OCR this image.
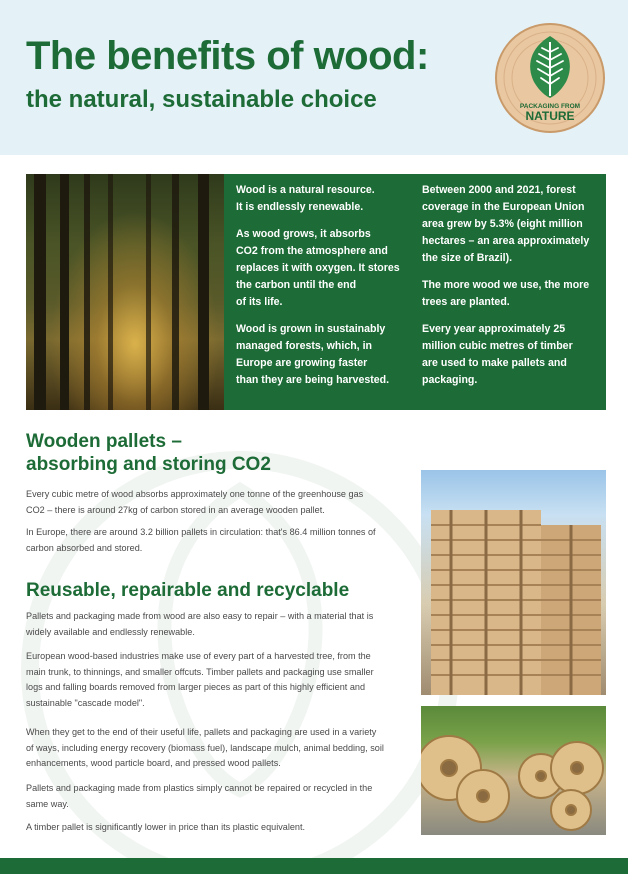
The benefits of wood:
the natural, sustainable choice	PACKAGING FROM
NATURE

Wood is a natural resource.
It is endlessly renewable.

As wood grows, it absorbs
CO2 from the atmosphere and
replaces it with oxygen. It stores
the carbon until the end
of its life.

Wood is grown in sustainably
managed forests, which, in
Europe are growing faster
than they are being harvested.

Between 2000 and 2021, forest
coverage in the European Union
area grew by 5.3% (eight million
hectares – an area approximately
the size of Brazil).

The more wood we use, the more
trees are planted.

Every year approximately 25
million cubic metres of timber
are used to make pallets and
packaging.

Wooden pallets –
absorbing and storing CO2

Every cubic metre of wood absorbs approximately one tonne of the greenhouse gas
CO2 – there is around 27kg of carbon stored in an average wooden pallet.

In Europe, there are around 3.2 billion pallets in circulation: that's 86.4 million tonnes of
carbon absorbed and stored.

Reusable, repairable and recyclable

Pallets and packaging made from wood are also easy to repair – with a material that is
widely available and endlessly renewable.

European wood-based industries make use of every part of a harvested tree, from the
main trunk, to thinnings, and smaller offcuts. Timber pallets and packaging use smaller
logs and falling boards removed from larger pieces as part of this highly efficient and
sustainable "cascade model".

When they get to the end of their useful life, pallets and packaging are used in a variety
of ways, including energy recovery (biomass fuel), landscape mulch, animal bedding, soil
enhancements, wood particle board, and pressed wood pallets.

Pallets and packaging made from plastics simply cannot be repaired or recycled in the
same way.

A timber pallet is significantly lower in price than its plastic equivalent.
